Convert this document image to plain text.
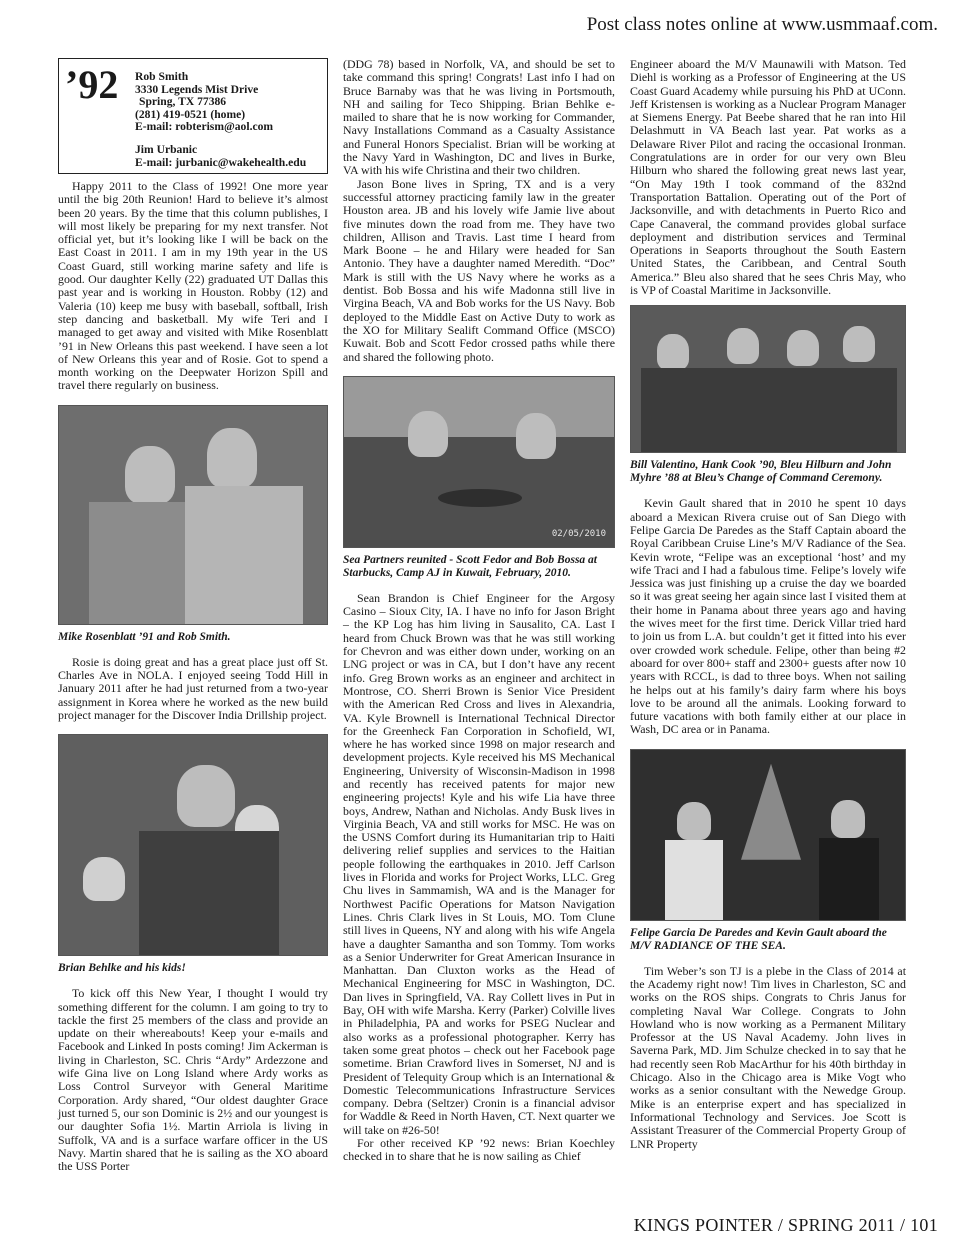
Post class notes online at www.usmmaaf.com.
’92 Rob Smith
3330 Legends Mist Drive
Spring, TX 77386
(281) 419-0521 (home)
E-mail: robterism@aol.com
Jim Urbanic
E-mail: jurbanic@wakehealth.edu

Happy 2011 to the Class of 1992! One more year until the big 20th Reunion! Hard to believe it’s almost been 20 years. By the time that this column publishes, I will most likely be preparing for my next transfer. Not official yet, but it’s looking like I will be back on the East Coast in 2011. I am in my 19th year in the US Coast Guard, still working marine safety and life is good. Our daughter Kelly (22) graduated UT Dallas this past year and is working in Houston. Robby (12) and Valeria (10) keep me busy with baseball, softball, Irish step dancing and basketball. My wife Teri and I managed to get away and visited with Mike Rosenblatt ’91 in New Orleans this past weekend. I have seen a lot of New Orleans this year and of Rosie. Got to spend a month working on the Deepwater Horizon Spill and travel there regularly on business.

Mike Rosenblatt ’91 and Rob Smith.

Rosie is doing great and has a great place just off St. Charles Ave in NOLA. I enjoyed seeing Todd Hill in January 2011 after he had just returned from a two-year assignment in Korea where he worked as the new build project manager for the Discover India Drillship project.

Brian Behlke and his kids!

To kick off this New Year, I thought I would try something different for the column. I am going to try to tackle the first 25 members of the class and provide an update on their whereabouts! Keep your e-mails and Facebook and Linked In posts coming! Jim Ackerman is living in Charleston, SC. Chris “Ardy” Ardezzone and wife Gina live on Long Island where Ardy works as Loss Control Surveyor with General Maritime Corporation. Ardy shared, “Our oldest daughter Grace just turned 5, our son Dominic is 2½ and our youngest is our daughter Sofia 1½. Martin Arriola is living in Suffolk, VA and is a surface warfare officer in the US Navy. Martin shared that he is sailing as the XO aboard the USS Porter

(DDG 78) based in Norfolk, VA, and should be set to take command this spring! Congrats! Last info I had on Bruce Barnaby was that he was living in Portsmouth, NH and sailing for Teco Shipping. Brian Behlke e-mailed to share that he is now working for Commander, Navy Installations Command as a Casualty Assistance and Funeral Honors Specialist. Brian will be working at the Navy Yard in Washington, DC and lives in Burke, VA with his wife Christina and their two children.

Jason Bone lives in Spring, TX and is a very successful attorney practicing family law in the greater Houston area. JB and his lovely wife Jamie live about five minutes down the road from me. They have two children, Allison and Travis. Last time I heard from Mark Boone – he and Hilary were headed for San Antonio. They have a daughter named Meredith. “Doc” Mark is still with the US Navy where he works as a dentist. Bob Bossa and his wife Madonna still live in Virgina Beach, VA and Bob works for the US Navy. Bob deployed to the Middle East on Active Duty to work as the XO for Military Sealift Command Office (MSCO) Kuwait. Bob and Scott Fedor crossed paths while there and shared the following photo.

02/05/2010
Sea Partners reunited - Scott Fedor and Bob Bossa at Starbucks, Camp AJ in Kuwait, February, 2010.

Sean Brandon is Chief Engineer for the Argosy Casino – Sioux City, IA. I have no info for Jason Bright – the KP Log has him living in Sausalito, CA. Last I heard from Chuck Brown was that he was still working for Chevron and was either down under, working on an LNG project or was in CA, but I don’t have any recent info. Greg Brown works as an engineer and architect in Montrose, CO. Sherri Brown is Senior Vice President with the American Red Cross and lives in Alexandria, VA. Kyle Brownell is International Technical Director for the Greenheck Fan Corporation in Schofield, WI, where he has worked since 1998 on major research and development projects. Kyle received his MS Mechanical Engineering, University of Wisconsin-Madison in 1998 and recently has received patents for major new engineering projects! Kyle and his wife Lia have three boys, Andrew, Nathan and Nicholas. Andy Busk lives in Virginia Beach, VA and still works for MSC. He was on the USNS Comfort during its Humanitarian trip to Haiti delivering relief supplies and services to the Haitian people following the earthquakes in 2010. Jeff Carlson lives in Florida and works for Project Works, LLC. Greg Chu lives in Sammamish, WA and is the Manager for Northwest Pacific Operations for Matson Navigation Lines. Chris Clark lives in St Louis, MO. Tom Clune still lives in Queens, NY and along with his wife Angela have a daughter Samantha and son Tommy. Tom works as a Senior Underwriter for Great American Insurance in Manhattan. Dan Cluxton works as the Head of Mechanical Engineering for MSC in Washington, DC. Dan lives in Springfield, VA. Ray Collett lives in Put in Bay, OH with wife Marsha. Kerry (Parker) Colville lives in Philadelphia, PA and works for PSEG Nuclear and also works as a professional photographer. Kerry has taken some great photos – check out her Facebook page sometime. Brian Crawford lives in Somerset, NJ and is President of Telequity Group which is an International & Domestic Telecommunications Infrastructure Services company. Debra (Seltzer) Cronin is a financial advisor for Waddle & Reed in North Haven, CT. Next quarter we will take on #26-50!

For other received KP ’92 news: Brian Koechley checked in to share that he is now sailing as Chief

Engineer aboard the M/V Maunawili with Matson. Ted Diehl is working as a Professor of Engineering at the US Coast Guard Academy while pursuing his PhD at UConn. Jeff Kristensen is working as a Nuclear Program Manager at Siemens Energy. Pat Beebe shared that he ran into Hil Delashmutt in VA Beach last year. Pat works as a Delaware River Pilot and racing the occasional Ironman. Congratulations are in order for our very own Bleu Hilburn who shared the following great news last year, “On May 19th I took command of the 832nd Transportation Battalion. Operating out of the Port of Jacksonville, and with detachments in Puerto Rico and Cape Canaveral, the command provides global surface deployment and distribution services and Terminal Operations in Seaports throughout the South Eastern United States, the Caribbean, and Central South America.” Bleu also shared that he sees Chris May, who is VP of Coastal Maritime in Jacksonville.

Bill Valentino, Hank Cook ’90, Bleu Hilburn and John Myhre ’88 at Bleu’s Change of Command Ceremony.

Kevin Gault shared that in 2010 he spent 10 days aboard a Mexican Rivera cruise out of San Diego with Felipe Garcia De Paredes as the Staff Captain aboard the Royal Caribbean Cruise Line’s M/V Radiance of the Sea. Kevin wrote, “Felipe was an exceptional ‘host’ and my wife Traci and I had a fabulous time. Felipe’s lovely wife Jessica was just finishing up a cruise the day we boarded so it was great seeing her again since last I visited them at their home in Panama about three years ago and having the wives meet for the first time. Derick Villar tried hard to join us from L.A. but couldn’t get it fitted into his ever over crowded work schedule. Felipe, other than being #2 aboard for over 800+ staff and 2300+ guests after now 10 years with RCCL, is dad to three boys. When not sailing he helps out at his family’s dairy farm where his boys love to be around all the animals. Looking forward to future vacations with both family either at our place in Wash, DC area or in Panama.

Felipe Garcia De Paredes and Kevin Gault aboard the M/V RADIANCE OF THE SEA.

Tim Weber’s son TJ is a plebe in the Class of 2014 at the Academy right now! Tim lives in Charleston, SC and works on the ROS ships. Congrats to Chris Janus for completing Naval War College. Congrats to John Howland who is now working as a Permanent Military Professor at the US Naval Academy. John lives in Saverna Park, MD. Jim Schulze checked in to say that he had recently seen Rob MacArthur for his 40th birthday in Chicago. Also in the Chicago area is Mike Vogt who works as a senior consultant with the Newedge Group. Mike is an enterprise expert and has specialized in Informational Technology and Services. Joe Scott is Assistant Treasurer of the Commercial Property Group of LNR Property

KINGS POINTER / SPRING 2011 / 101
